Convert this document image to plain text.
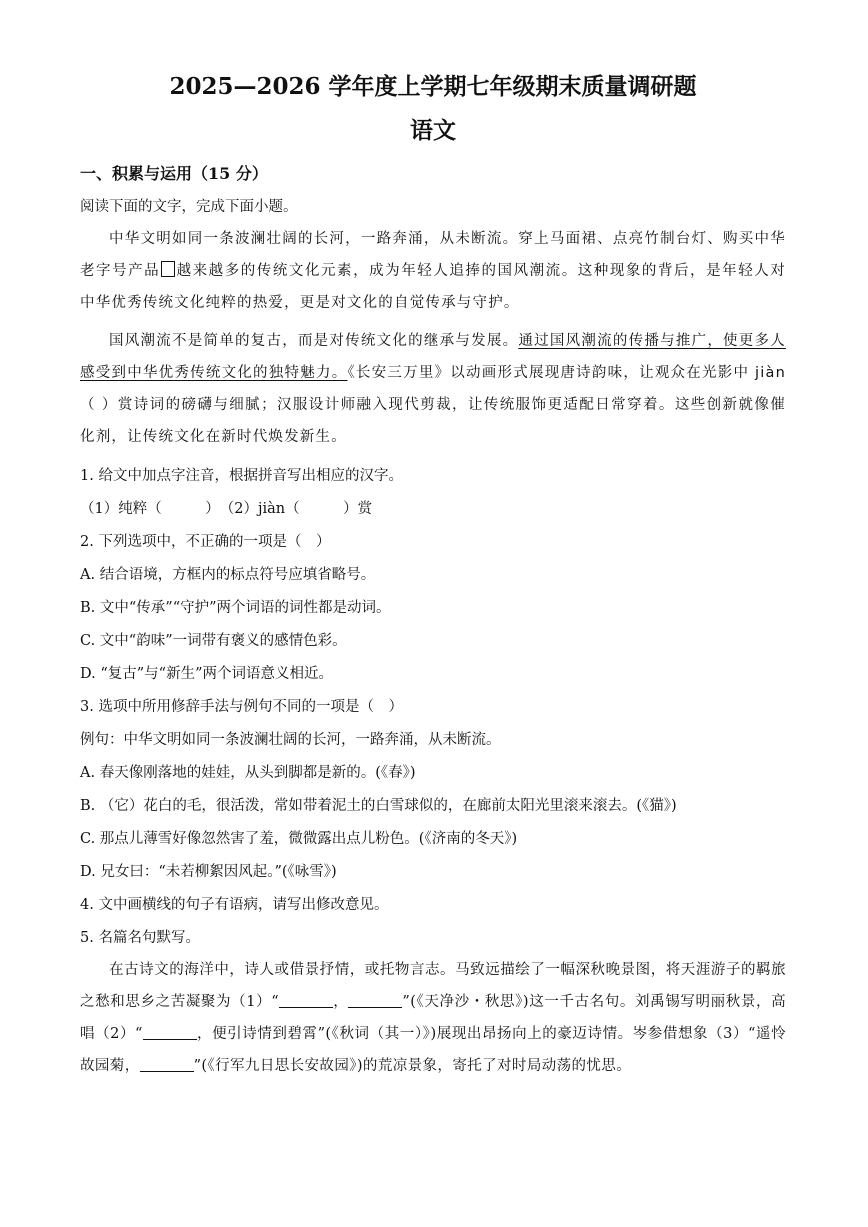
2025—2026 学年度上学期七年级期末质量调研题
语文
一、积累与运用（15 分）
阅读下面的文字，完成下面小题。

中华文明如同一条波澜壮阔的长河，一路奔涌，从未断流。穿上马面裙、点亮竹制台灯、购买中华老字号产品 越来越多的传统文化元素，成为年轻人追捧的国风潮流。这种现象的背后，是年轻人对中华优秀传统文化纯粹的热爱，更是对文化的自觉传承与守护。

国风潮流不是简单的复古，而是对传统文化的继承与发展。通过国风潮流的传播与推广，使更多人感受到中华优秀传统文化的独特魅力。《长安三万里》以动画形式展现唐诗韵味，让观众在光影中 jiàn（ ）赏诗词的磅礴与细腻；汉服设计师融入现代剪裁，让传统服饰更适配日常穿着。这些创新就像催化剂，让传统文化在新时代焕发新生。

1. 给文中加点字注音，根据拼音写出相应的汉字。
（1）纯粹（　　　）　（2）jiàn（　　　）赏
2. 下列选项中，不正确的一项是（　）
A. 结合语境，方框内的标点符号应填省略号。
B. 文中“传承”“守护”两个词语的词性都是动词。
C. 文中“韵味”一词带有褒义的感情色彩。
D. “复古”与“新生”两个词语意义相近。
3. 选项中所用修辞手法与例句不同的一项是（　）
例句：中华文明如同一条波澜壮阔的长河，一路奔涌，从未断流。
A. 春天像刚落地的娃娃，从头到脚都是新的。(《春》)
B. （它）花白的毛，很活泼，常如带着泥土的白雪球似的，在廊前太阳光里滚来滚去。(《猫》)
C. 那点儿薄雪好像忽然害了羞，微微露出点儿粉色。(《济南的冬天》)
D. 兄女曰：“未若柳絮因风起。”(《咏雪》)
4. 文中画横线的句子有语病，请写出修改意见。
5. 名篇名句默写。

在古诗文的海洋中，诗人或借景抒情，或托物言志。马致远描绘了一幅深秋晚景图，将天涯游子的羁旅之愁和思乡之苦凝聚为（1）“	，	”(《天净沙・秋思》)这一千古名句。刘禹锡写明丽秋景，高唱（2）“	，便引诗情到碧霄”(《秋词（其一）》)展现出昂扬向上的豪迈诗情。岑参借想象（3）“遥怜故园菊，	”(《行军九日思长安故园》)的荒凉景象，寄托了对时局动荡的忧思。
